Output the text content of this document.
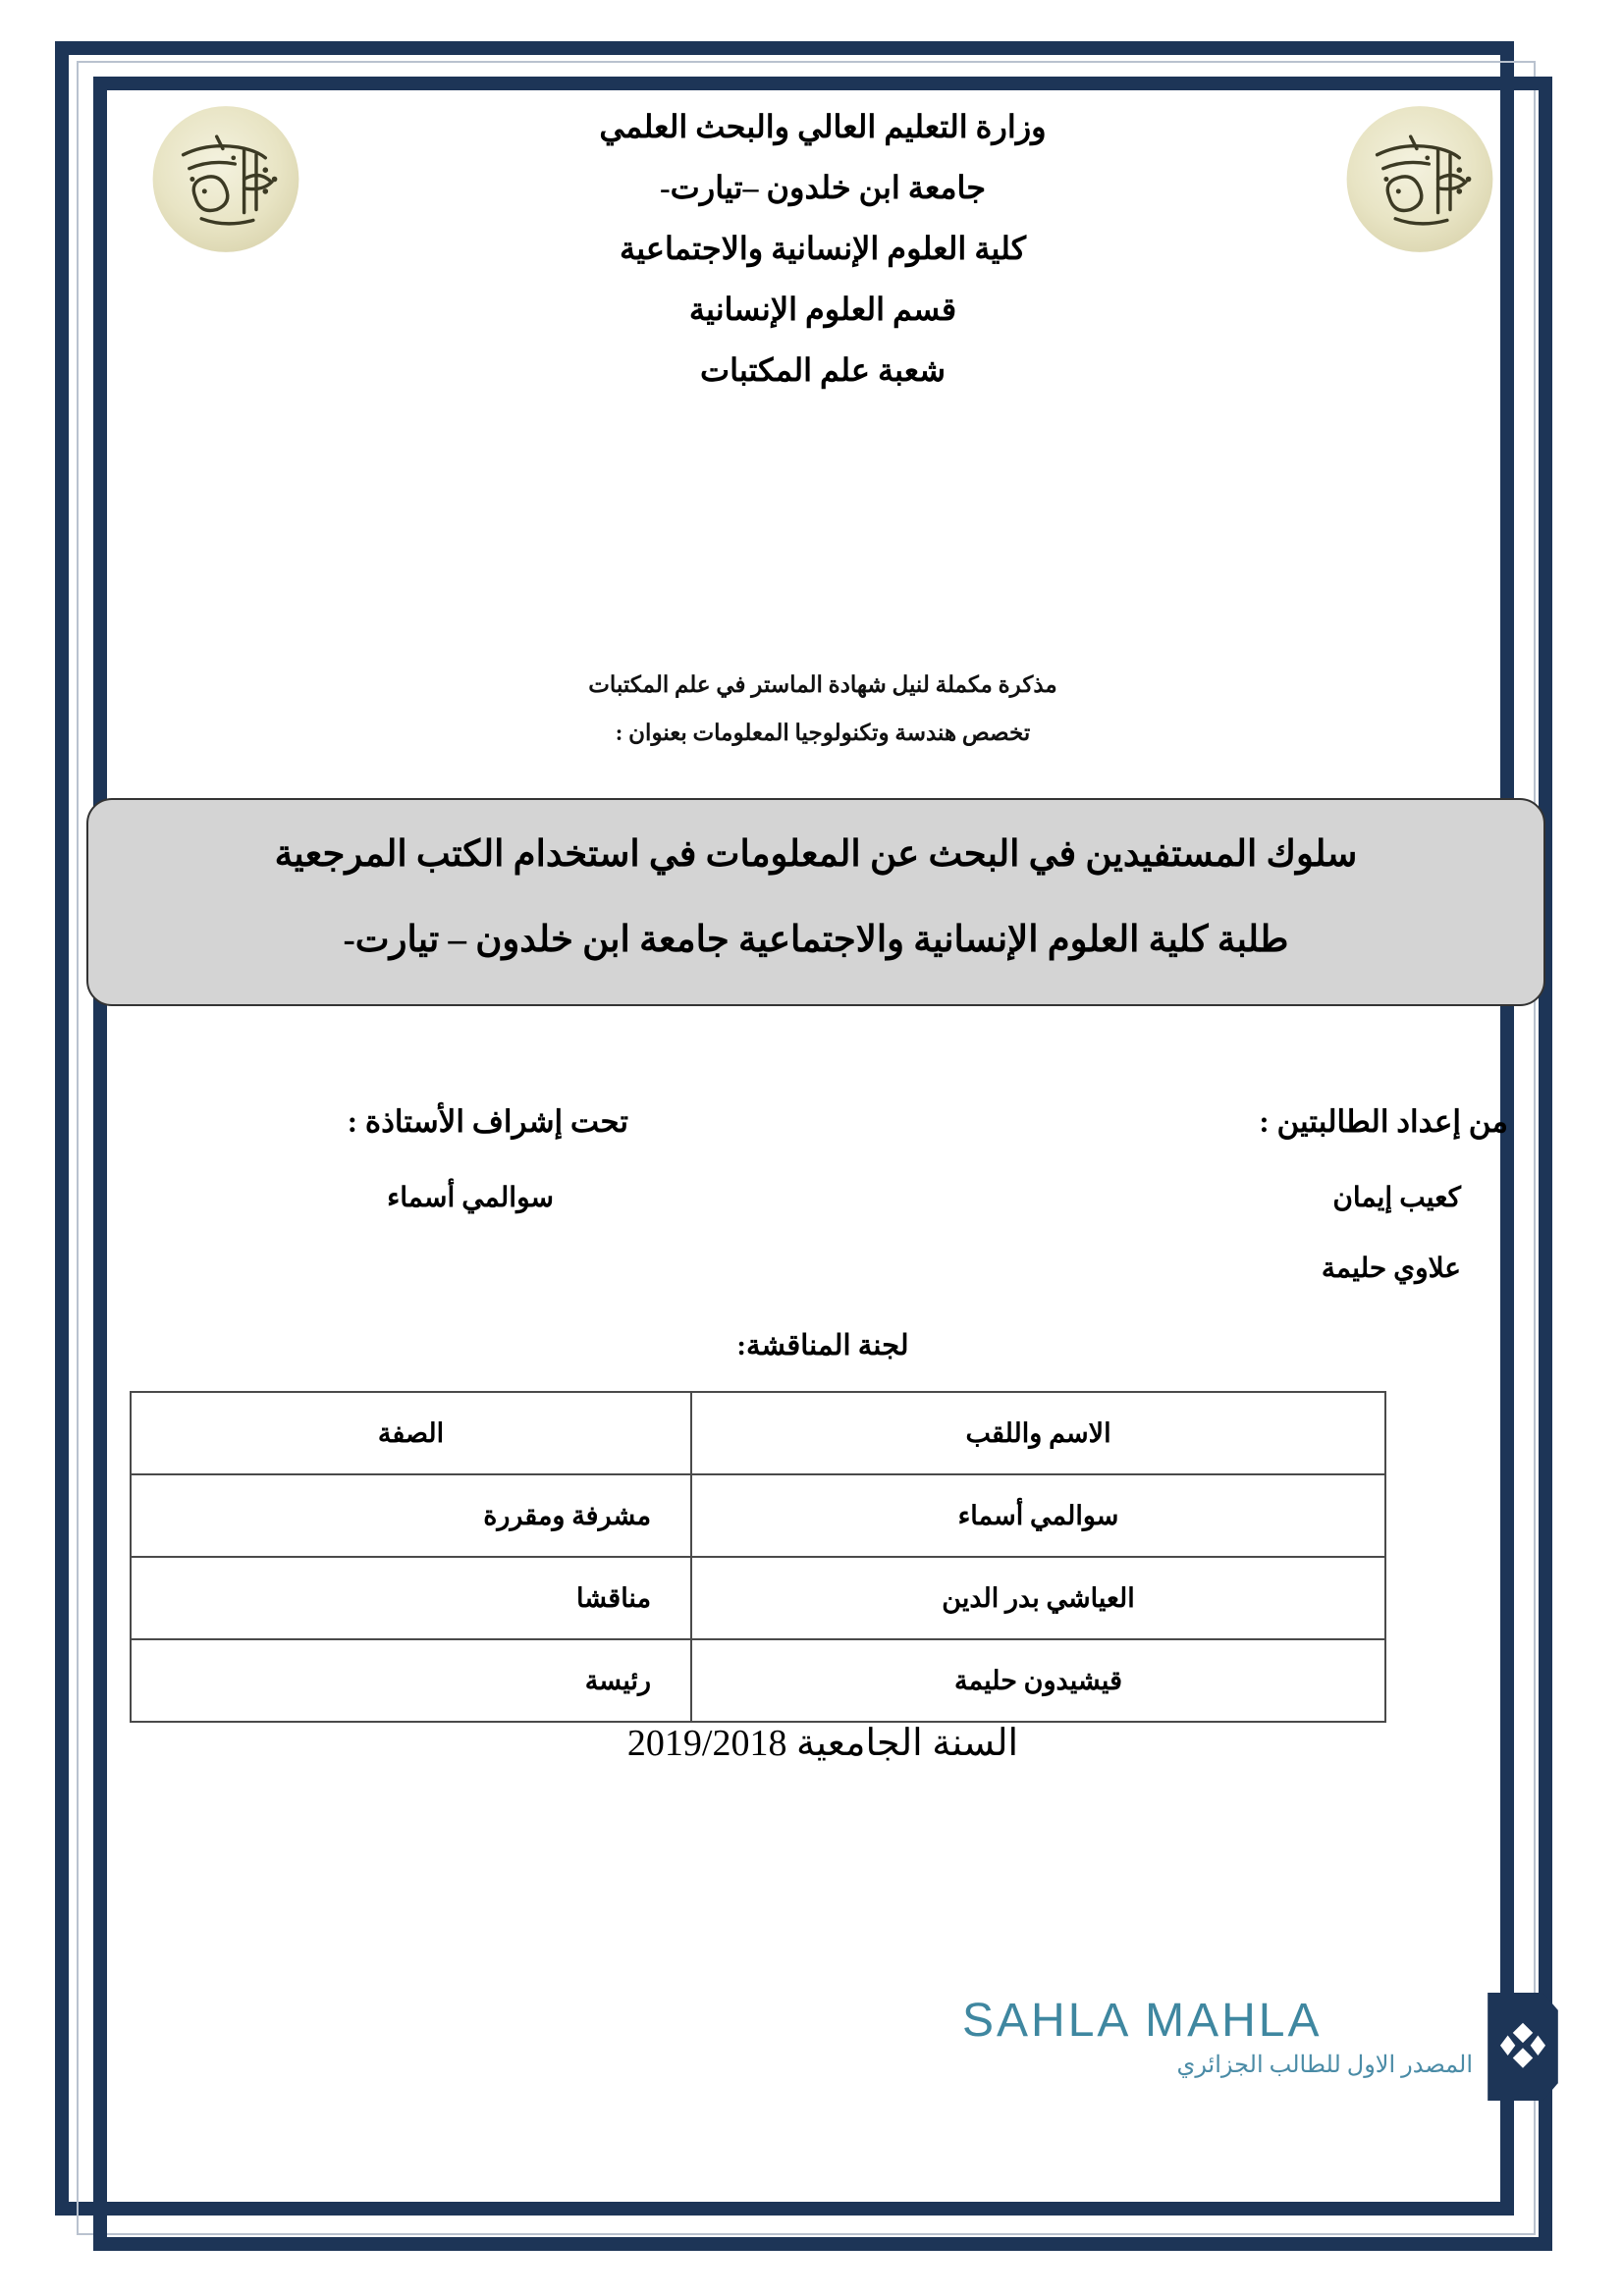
وزارة التعليم العالي والبحث العلمي

جامعة ابن خلدون –تيارت-

كلية العلوم الإنسانية والاجتماعية

قسم العلوم الإنسانية

شعبة علم المكتبات

مذكرة مكملة لنيل شهادة الماستر في علم المكتبات

تخصص هندسة وتكنولوجيا المعلومات بعنوان :

سلوك المستفيدين في البحث عن المعلومات في استخدام الكتب المرجعية

طلبة كلية العلوم الإنسانية والاجتماعية جامعة ابن خلدون – تيارت-

من إعداد الطالبتين :

كعيب إيمان

علاوي حليمة

تحت إشراف الأستاذة :

سوالمي أسماء

لجنة المناقشة:
الاسم واللقب	الصفة
سوالمي أسماء	مشرفة ومقررة
العياشي بدر الدين	مناقشا
قيشيدون حليمة	رئيسة
السنة الجامعية 2019/2018
SAHLA MAHLA
المصدر الاول للطالب الجزائري
